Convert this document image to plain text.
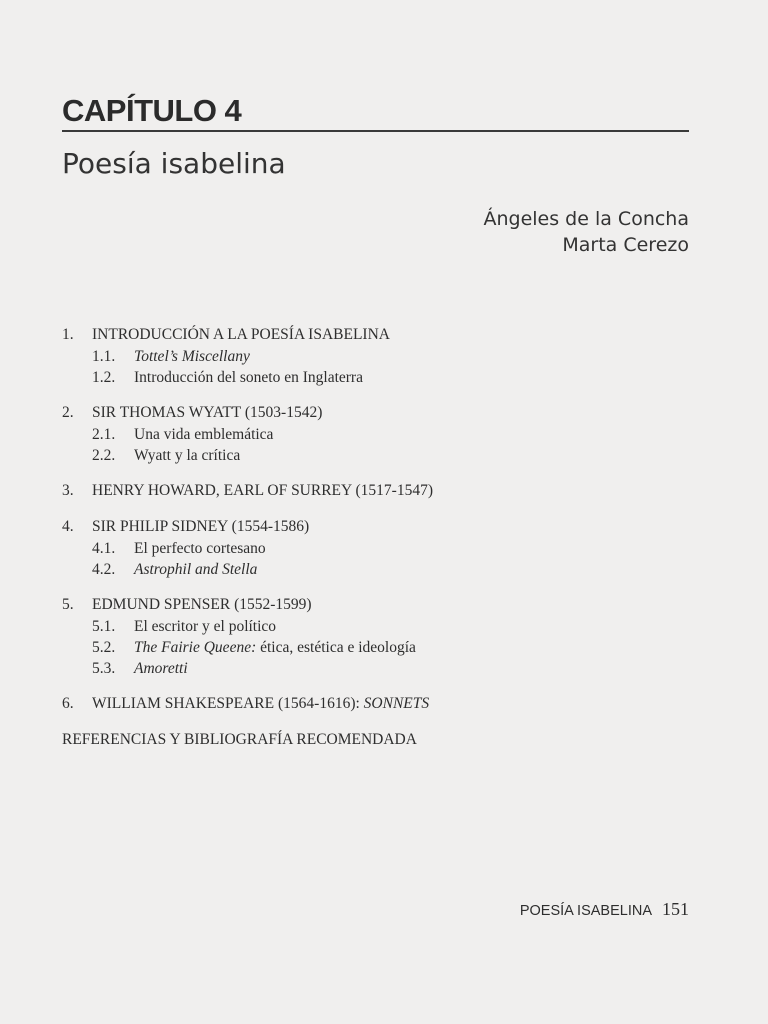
CAPÍTULO 4
Poesía isabelina
Ángeles de la Concha
Marta Cerezo
1.	INTRODUCCIÓN A LA POESÍA ISABELINA
1.1.	Tottel’s Miscellany
1.2.	Introducción del soneto en Inglaterra
2.	SIR THOMAS WYATT (1503-1542)
2.1.	Una vida emblemática
2.2.	Wyatt y la crítica
3.	HENRY HOWARD, EARL OF SURREY (1517-1547)
4.	SIR PHILIP SIDNEY (1554-1586)
4.1.	El perfecto cortesano
4.2.	Astrophil and Stella
5.	EDMUND SPENSER (1552-1599)
5.1.	El escritor y el político
5.2.	The Fairie Queene: ética, estética e ideología
5.3.	Amoretti
6.	WILLIAM SHAKESPEARE (1564-1616): SONNETS
REFERENCIAS Y BIBLIOGRAFÍA RECOMENDADA
POESÍA ISABELINA 151
